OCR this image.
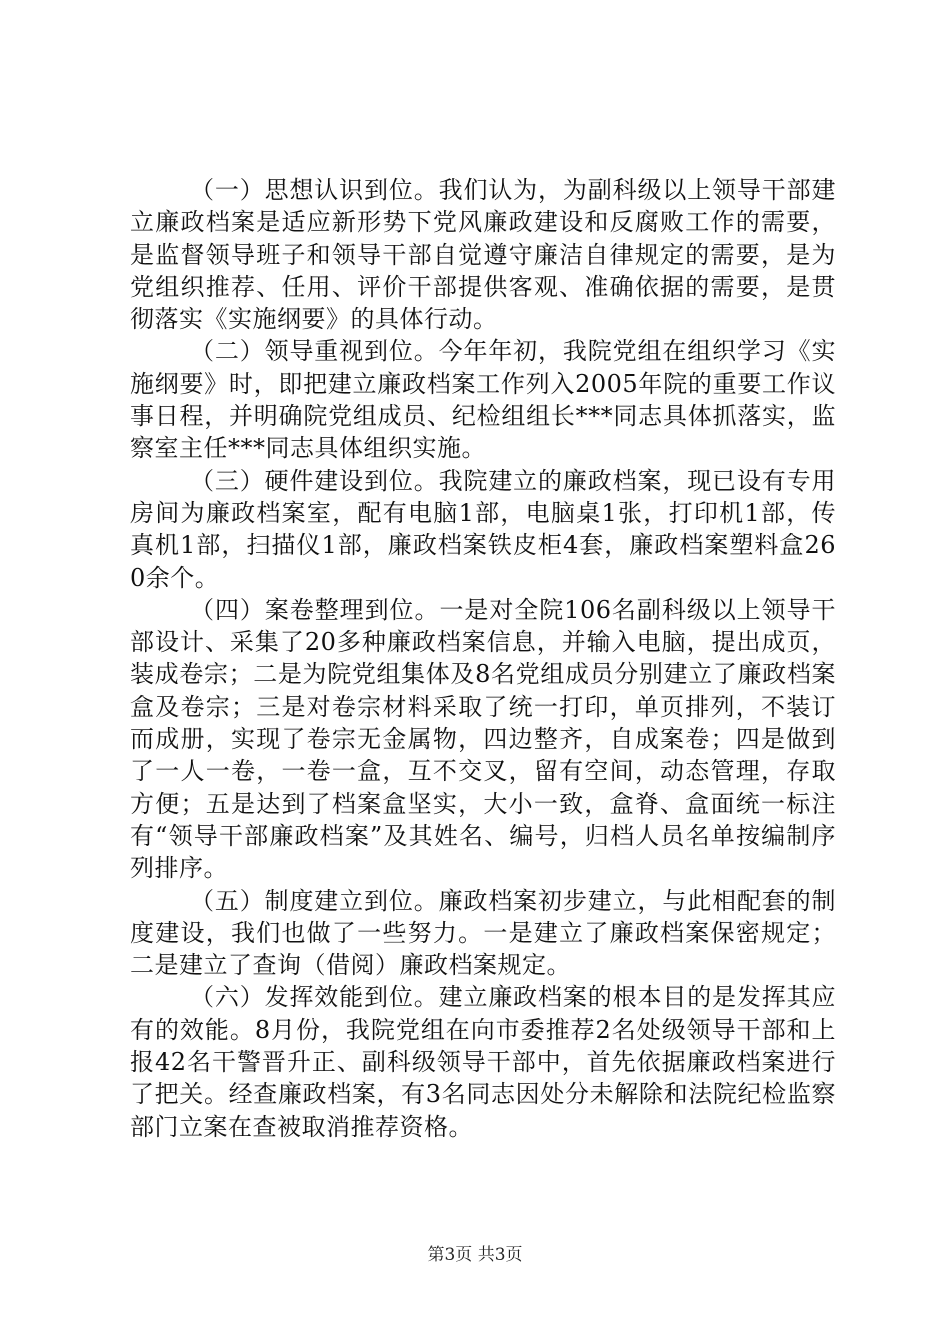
（一）思想认识到位。我们认为，为副科级以上领导干部建立廉政档案是适应新形势下党风廉政建设和反腐败工作的需要，是监督领导班子和领导干部自觉遵守廉洁自律规定的需要，是为党组织推荐、任用、评价干部提供客观、准确依据的需要，是贯彻落实《实施纲要》的具体行动。

（二）领导重视到位。今年年初，我院党组在组织学习《实施纲要》时，即把建立廉政档案工作列入2005年院的重要工作议事日程，并明确院党组成员、纪检组组长***同志具体抓落实，监察室主任***同志具体组织实施。

（三）硬件建设到位。我院建立的廉政档案，现已设有专用房间为廉政档案室，配有电脑1部，电脑桌1张，打印机1部，传真机1部，扫描仪1部，廉政档案铁皮柜4套，廉政档案塑料盒260余个。

（四）案卷整理到位。一是对全院106名副科级以上领导干部设计、采集了20多种廉政档案信息，并输入电脑，提出成页，装成卷宗；二是为院党组集体及8名党组成员分别建立了廉政档案盒及卷宗；三是对卷宗材料采取了统一打印，单页排列，不装订而成册，实现了卷宗无金属物，四边整齐，自成案卷；四是做到了一人一卷，一卷一盒，互不交叉，留有空间，动态管理，存取方便；五是达到了档案盒坚实，大小一致，盒脊、盒面统一标注有“领导干部廉政档案”及其姓名、编号，归档人员名单按编制序列排序。

（五）制度建立到位。廉政档案初步建立，与此相配套的制度建设，我们也做了一些努力。一是建立了廉政档案保密规定；二是建立了查询（借阅）廉政档案规定。

（六）发挥效能到位。建立廉政档案的根本目的是发挥其应有的效能。8月份，我院党组在向市委推荐2名处级领导干部和上报42名干警晋升正、副科级领导干部中，首先依据廉政档案进行了把关。经查廉政档案，有3名同志因处分未解除和法院纪检监察部门立案在查被取消推荐资格。

第3页 共3页
